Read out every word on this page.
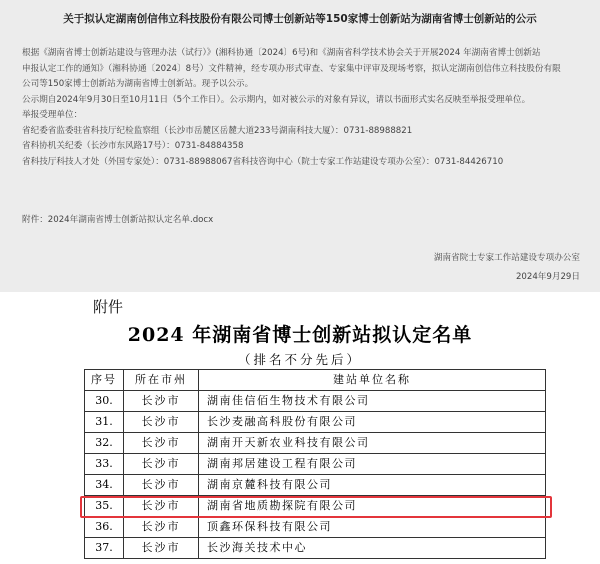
关于拟认定湖南创信伟立科技股份有限公司博士创新站等150家博士创新站为湖南省博士创新站的公示

根据《湖南省博士创新站建设与管理办法（试行）》(湘科协通〔2024〕6号)和《湖南省科学技术协会关于开展2024 年湖南省博士创新站

申报认定工作的通知》（湘科协通〔2024〕8号）文件精神，经专项办形式审查、专家集中评审及现场考察，拟认定湖南创信伟立科技股份有限

公司等150家博士创新站为湖南省博士创新站。现予以公示。

公示期自2024年9月30日至10月11日（5个工作日）。公示期内，如对被公示的对象有异议，请以书面形式实名反映至举报受理单位。

举报受理单位：

省纪委省监委驻省科技厅纪检监察组（长沙市岳麓区岳麓大道233号湖南科技大厦）：0731-88988821

省科协机关纪委（长沙市东风路17号）：0731-84884358

省科技厅科技人才处（外国专家处）：0731-88988067省科技咨询中心（院士专家工作站建设专项办公室）：0731-84426710

附件：2024年湖南省博士创新站拟认定名单.docx
湖南省院士专家工作站建设专项办公室
2024年9月29日
附件
2024 年湖南省博士创新站拟认定名单
（排名不分先后）
序号	所在市州	建站单位名称
30.	长沙市	湖南佳信佰生物技术有限公司
31.	长沙市	长沙麦融高科股份有限公司
32.	长沙市	湖南开天新农业科技有限公司
33.	长沙市	湖南邦居建设工程有限公司
34.	长沙市	湖南京麓科技有限公司
35.	长沙市	湖南省地质勘探院有限公司
36.	长沙市	顶鑫环保科技有限公司
37.	长沙市	长沙海关技术中心
